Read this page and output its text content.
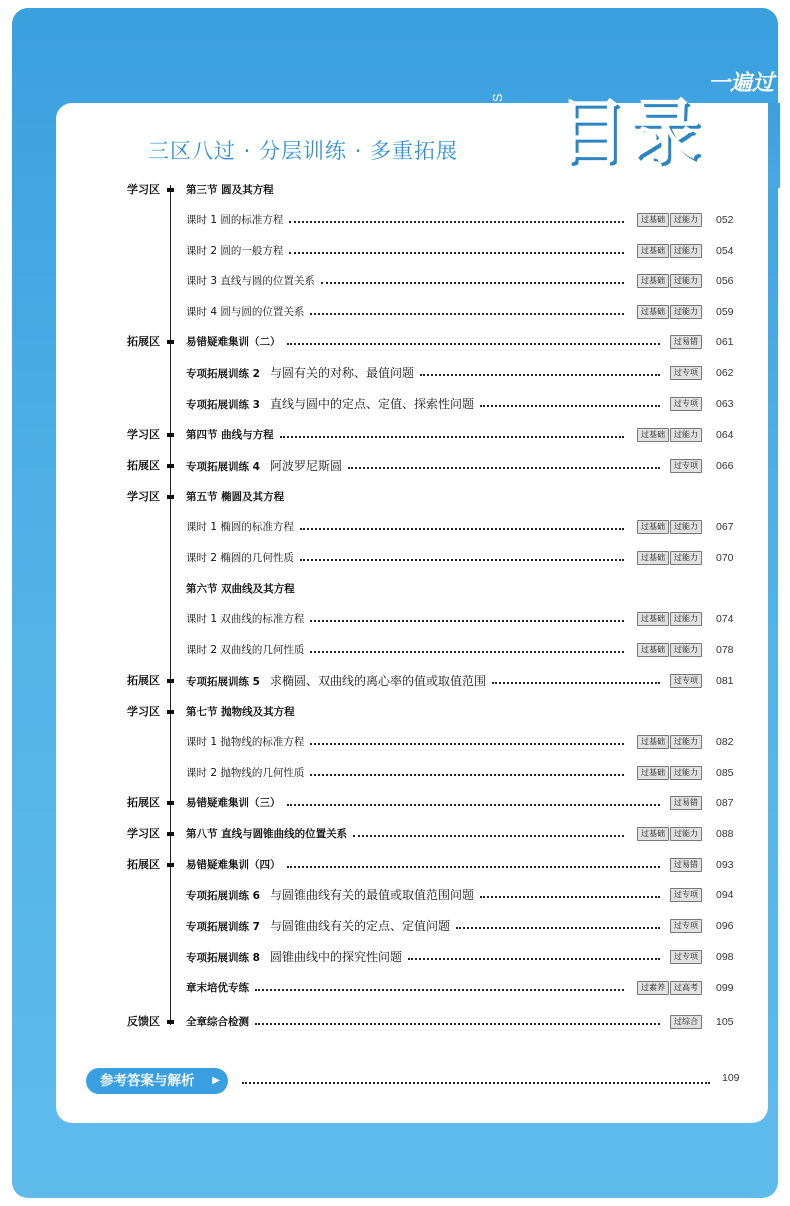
CONTENTS 目录
一遍过
三区八过 · 分层训练 · 多重拓展
参考答案与解析	▶	109
学习区 第三节 圆及其方程
课时 1 圆的标准方程	过基础	过能力	052
课时 2 圆的一般方程	过基础	过能力	054
课时 3 直线与圆的位置关系	过基础	过能力	056
课时 4 圆与圆的位置关系	过基础	过能力	059
拓展区 易错疑难集训（二）	过易错	061
专项拓展训练 2 与圆有关的对称、最值问题	过专项	062
专项拓展训练 3 直线与圆中的定点、定值、探索性问题	过专项	063
学习区 第四节 曲线与方程	过基础	过能力	064
拓展区 专项拓展训练 4 阿波罗尼斯圆	过专项	066
学习区 第五节 椭圆及其方程
课时 1 椭圆的标准方程	过基础	过能力	067
课时 2 椭圆的几何性质	过基础	过能力	070
第六节 双曲线及其方程
课时 1 双曲线的标准方程	过基础	过能力	074
课时 2 双曲线的几何性质	过基础	过能力	078
拓展区 专项拓展训练 5 求椭圆、双曲线的离心率的值或取值范围	过专项	081
学习区 第七节 抛物线及其方程
课时 1 抛物线的标准方程	过基础	过能力	082
课时 2 抛物线的几何性质	过基础	过能力	085
拓展区 易错疑难集训（三）	过易错	087
学习区 第八节 直线与圆锥曲线的位置关系	过基础	过能力	088
拓展区 易错疑难集训（四）	过易错	093
专项拓展训练 6 与圆锥曲线有关的最值或取值范围问题	过专项	094
专项拓展训练 7 与圆锥曲线有关的定点、定值问题	过专项	096
专项拓展训练 8 圆锥曲线中的探究性问题	过专项	098
章末培优专练	过素养	过高考	099
反馈区 全章综合检测	过综合	105
